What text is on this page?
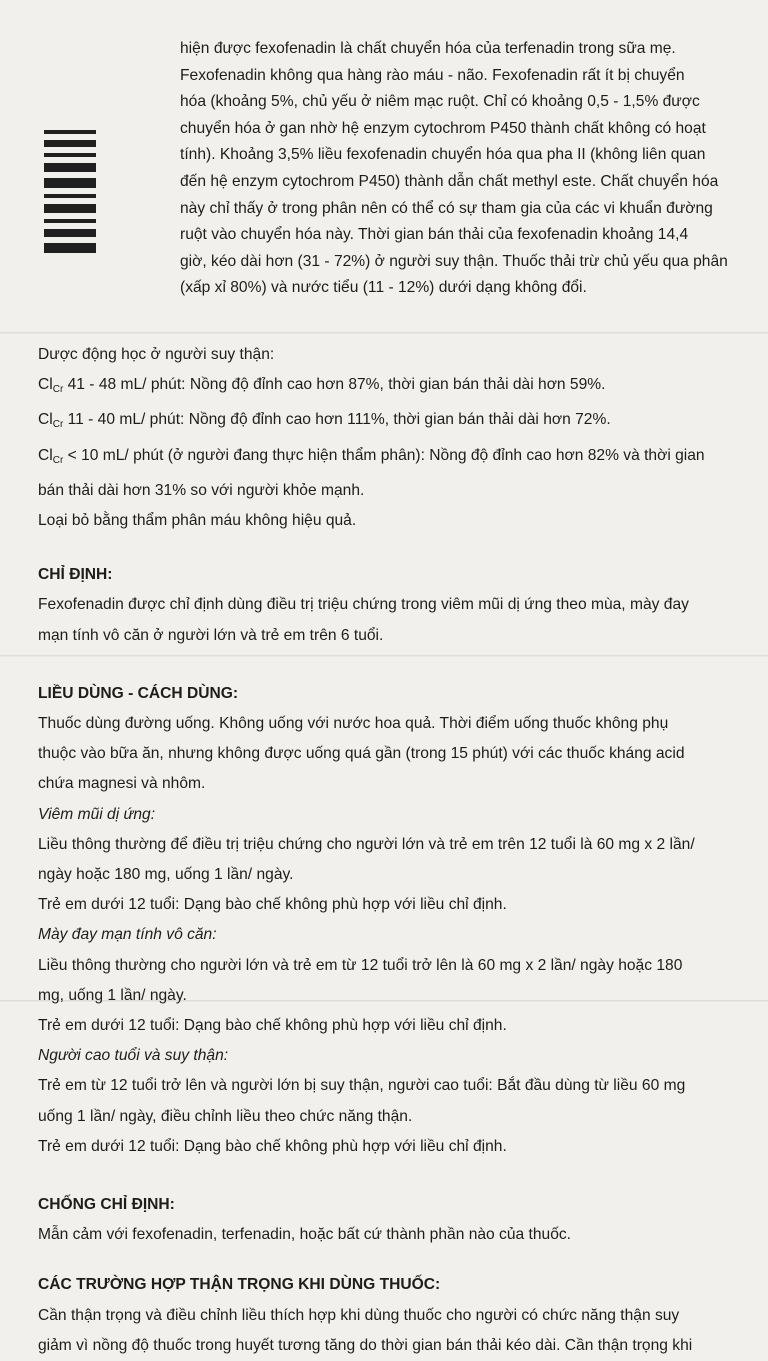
hiện được fexofenadin là chất chuyển hóa của terfenadin trong sữa mẹ.
Fexofenadin không qua hàng rào máu - não. Fexofenadin rất ít bị chuyển
hóa (khoảng 5%, chủ yếu ở niêm mạc ruột. Chỉ có khoảng 0,5 - 1,5% được
chuyển hóa ở gan nhờ hệ enzym cytochrom P450 thành chất không có hoạt
tính). Khoảng 3,5% liều fexofenadin chuyển hóa qua pha II (không liên quan
đến hệ enzym cytochrom P450) thành dẫn chất methyl este. Chất chuyển hóa
này chỉ thấy ở trong phân nên có thể có sự tham gia của các vi khuẩn đường
ruột vào chuyển hóa này. Thời gian bán thải của fexofenadin khoảng 14,4
giờ, kéo dài hơn (31 - 72%) ở người suy thận. Thuốc thải trừ chủ yếu qua phân
(xấp xỉ 80%) và nước tiểu (11 - 12%) dưới dạng không đổi.
Dược động học ở người suy thận:
$Cl_{Cr}$ 41 - 48 mL/ phút: Nồng độ đỉnh cao hơn 87%, thời gian bán thải dài hơn 59%.
$Cl_{Cr}$ 11 - 40 mL/ phút: Nồng độ đỉnh cao hơn 111%, thời gian bán thải dài hơn 72%.
$Cl_{Cr} < 10$ mL/ phút (ở người đang thực hiện thẩm phân): Nồng độ đỉnh cao hơn 82% và thời gian
bán thải dài hơn 31% so với người khỏe mạnh.
Loại bỏ bằng thẩm phân máu không hiệu quả.
CHỈ ĐỊNH:
Fexofenadin được chỉ định dùng điều trị triệu chứng trong viêm mũi dị ứng theo mùa, mày đay
mạn tính vô căn ở người lớn và trẻ em trên 6 tuổi.
LIỀU DÙNG - CÁCH DÙNG:
Thuốc dùng đường uống. Không uống với nước hoa quả. Thời điểm uống thuốc không phụ
thuộc vào bữa ăn, nhưng không được uống quá gần (trong 15 phút) với các thuốc kháng acid
chứa magnesi và nhôm.
Viêm mũi dị ứng:
Liều thông thường để điều trị triệu chứng cho người lớn và trẻ em trên 12 tuổi là 60 mg x 2 lần/
ngày hoặc 180 mg, uống 1 lần/ ngày.
Trẻ em dưới 12 tuổi: Dạng bào chế không phù hợp với liều chỉ định.
Mày đay mạn tính vô căn:
Liều thông thường cho người lớn và trẻ em từ 12 tuổi trở lên là 60 mg x 2 lần/ ngày hoặc 180
mg, uống 1 lần/ ngày.
Trẻ em dưới 12 tuổi: Dạng bào chế không phù hợp với liều chỉ định.
Người cao tuổi và suy thận:
Trẻ em từ 12 tuổi trở lên và người lớn bị suy thận, người cao tuổi: Bắt đầu dùng từ liều 60 mg
uống 1 lần/ ngày, điều chỉnh liều theo chức năng thận.
Trẻ em dưới 12 tuổi: Dạng bào chế không phù hợp với liều chỉ định.
CHỐNG CHỈ ĐỊNH:
Mẫn cảm với fexofenadin, terfenadin, hoặc bất cứ thành phần nào của thuốc.
CÁC TRƯỜNG HỢP THẬN TRỌNG KHI DÙNG THUỐC:
Cần thận trọng và điều chỉnh liều thích hợp khi dùng thuốc cho người có chức năng thận suy
giảm vì nồng độ thuốc trong huyết tương tăng do thời gian bán thải kéo dài. Cần thận trọng khi
